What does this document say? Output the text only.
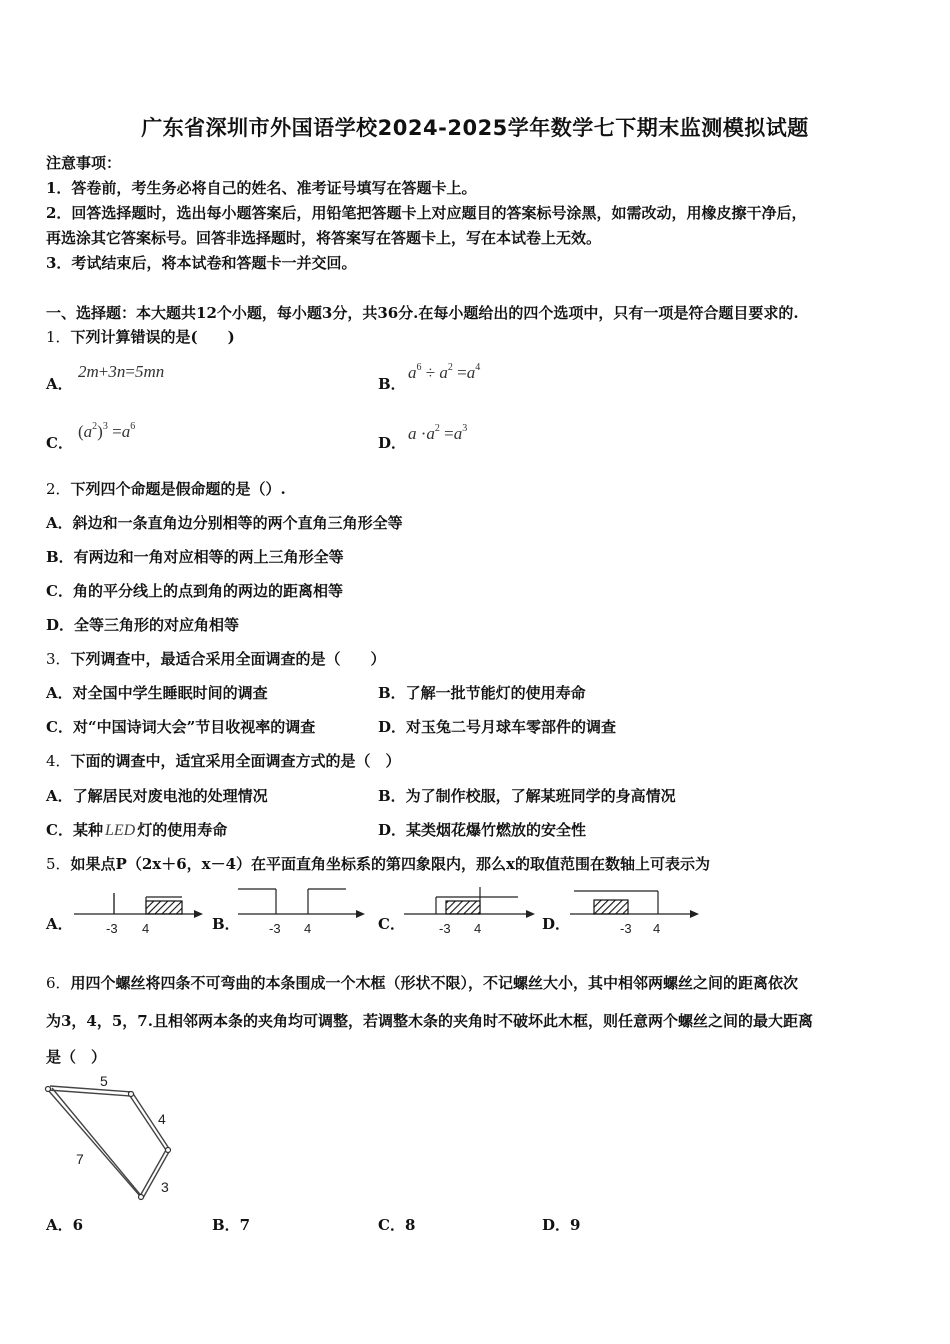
广东省深圳市外国语学校2024-2025学年数学七下期末监测模拟试题
注意事项：
1．答卷前，考生务必将自己的姓名、准考证号填写在答题卡上。
2．回答选择题时，选出每小题答案后，用铅笔把答题卡上对应题目的答案标号涂黑，如需改动，用橡皮擦干净后，
再选涂其它答案标号。回答非选择题时，将答案写在答题卡上，写在本试卷上无效。
3．考试结束后，将本试卷和答题卡一并交回。
一、选择题：本大题共12个小题，每小题3分，共36分.在每小题给出的四个选项中，只有一项是符合题目要求的.
1．下列计算错误的是(　　)
A．
2m+3n=5mn
B．
$a^6 \div a^2 =a^4$
C．
$(a^2)^3 =a^6$
D． $a \cdot a^2 =a^3$
2．下列四个命题是假命题的是（）.
A．斜边和一条直角边分别相等的两个直角三角形全等
B．有两边和一角对应相等的两上三角形全等
C．角的平分线上的点到角的两边的距离相等
D．全等三角形的对应角相等
3．下列调查中，最适合采用全面调查的是（　　）
A．对全国中学生睡眠时间的调查	B．了解一批节能灯的使用寿命
C．对“中国诗词大会”节目收视率的调查	D．对玉兔二号月球车零部件的调查
4．下面的调查中，适宜采用全面调查方式的是（　）
A．了解居民对废电池的处理情况	B．为了制作校服，了解某班同学的身高情况
C．某种 LED 灯的使用寿命	D．某类烟花爆竹燃放的安全性
5．如果点P（2x＋6，x－4）在平面直角坐标系的第四象限内，那么x的取值范围在数轴上可表示为
A．	-3 4	B． -3 4	C．	-3 4	D．	-3 4
6．用四个螺丝将四条不可弯曲的本条围成一个木框（形状不限），不记螺丝大小，其中相邻两螺丝之间的距离依次
为3，4，5，7.且相邻两本条的夹角均可调整，若调整木条的夹角时不破坏此木框，则任意两个螺丝之间的最大距离
是（　）
5
4
7
3
A．6	B．7	C．8	D．9
